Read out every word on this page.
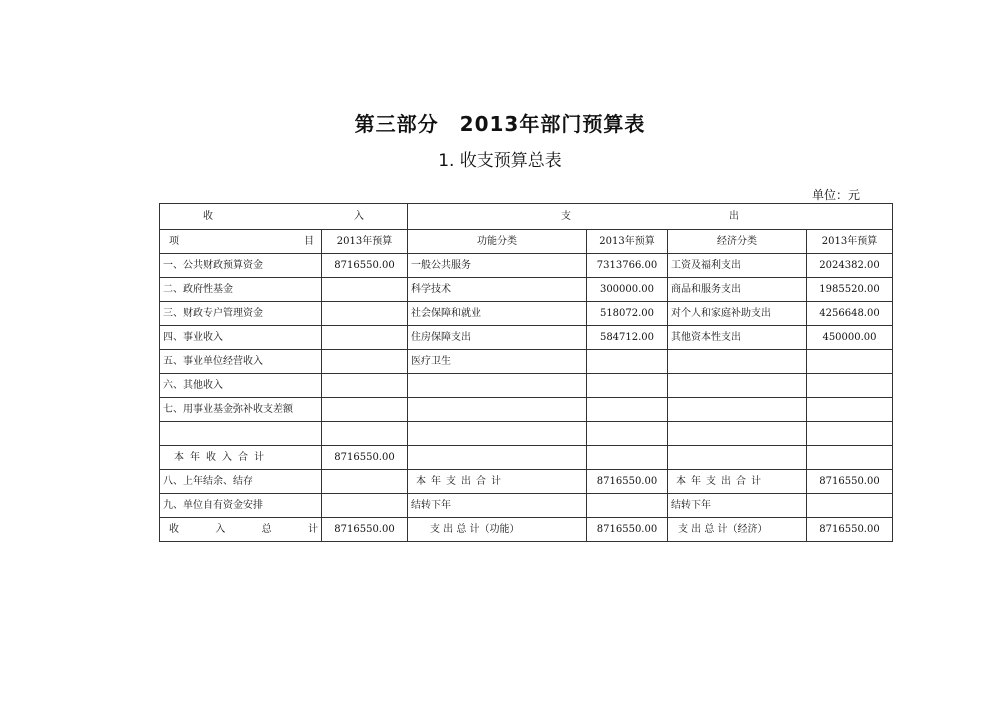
第三部分　2013年部门预算表
1. 收支预算总表
单位：元
收 入		支 出			

项 目	2013年预算	功能分类	2013年预算	经济分类	2013年预算
一、公共财政预算资金	8716550.00	一般公共服务	7313766.00	工资及福利支出	2024382.00
二、政府性基金		科学技术	300000.00	商品和服务支出	1985520.00
三、财政专户管理资金		社会保障和就业	518072.00	对个人和家庭补助支出	4256648.00
四、事业收入		住房保障支出	584712.00	其他资本性支出	450000.00
五、事业单位经营收入		医疗卫生			
六、其他收入					
七、用事业基金弥补收支差额					

本年收入合计	8716550.00				
八、上年结余、结存		本年支出合计	8716550.00	本年支出合计	8716550.00
九、单位自有资金安排		结转下年		结转下年	

收 入 总 计	8716550.00	支 出 总 计（功能）	8716550.00	支 出 总 计（经济）	8716550.00
